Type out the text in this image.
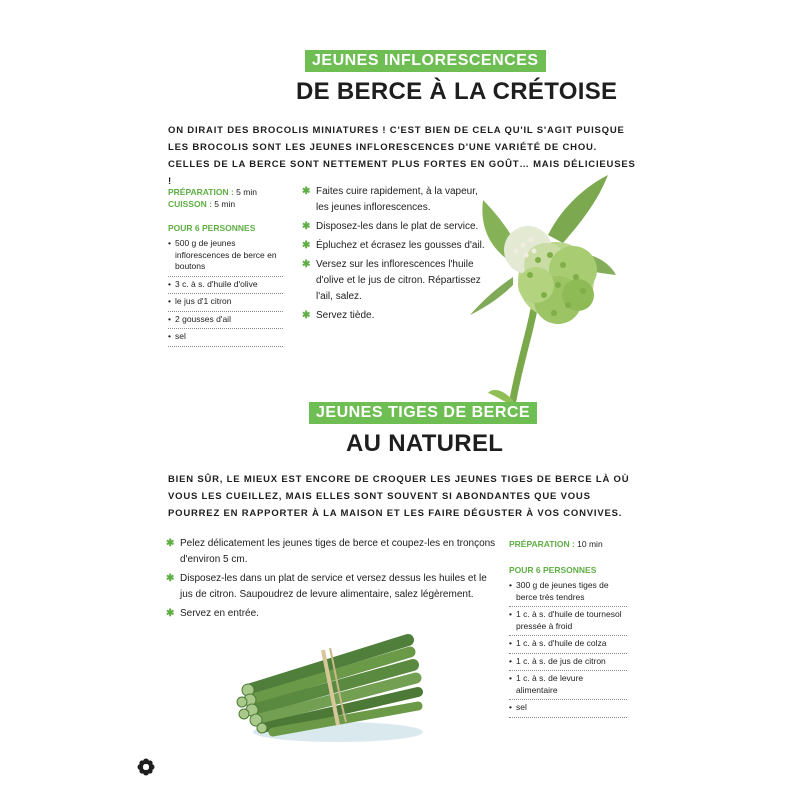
JEUNES INFLORESCENCES
DE BERCE À LA CRÉTOISE
ON DIRAIT DES BROCOLIS MINIATURES ! C'EST BIEN DE CELA QU'IL S'AGIT PUISQUE LES BROCOLIS SONT LES JEUNES INFLORESCENCES D'UNE VARIÉTÉ DE CHOU. CELLES DE LA BERCE SONT NETTEMENT PLUS FORTES EN GOÛT… MAIS DÉLICIEUSES !
PRÉPARATION : 5 min
CUISSON : 5 min
POUR 6 PERSONNES
• 500 g de jeunes inflorescences de berce en boutons
• 3 c. à s. d'huile d'olive
• le jus d'1 citron
• 2 gousses d'ail
• sel
✱ Faites cuire rapidement, à la vapeur, les jeunes inflorescences.
✱ Disposez-les dans le plat de service.
✱ Épluchez et écrasez les gousses d'ail.
✱ Versez sur les inflorescences l'huile d'olive et le jus de citron. Répartissez l'ail, salez.
✱ Servez tiède.
JEUNES TIGES DE BERCE
AU NATUREL
BIEN SÛR, LE MIEUX EST ENCORE DE CROQUER LES JEUNES TIGES DE BERCE LÀ OÙ VOUS LES CUEILLEZ, MAIS ELLES SONT SOUVENT SI ABONDANTES QUE VOUS POURREZ EN RAPPORTER À LA MAISON ET LES FAIRE DÉGUSTER À VOS CONVIVES.
✱ Pelez délicatement les jeunes tiges de berce et coupez-les en tronçons d'environ 5 cm.
✱ Disposez-les dans un plat de service et versez dessus les huiles et le jus de citron. Saupoudrez de levure alimentaire, salez légèrement.
✱ Servez en entrée.
PRÉPARATION : 10 min
POUR 6 PERSONNES
• 300 g de jeunes tiges de berce très tendres
• 1 c. à s. d'huile de tournesol pressée à froid
• 1 c. à s. d'huile de colza
• 1 c. à s. de jus de citron
• 1 c. à s. de levure alimentaire
• sel
